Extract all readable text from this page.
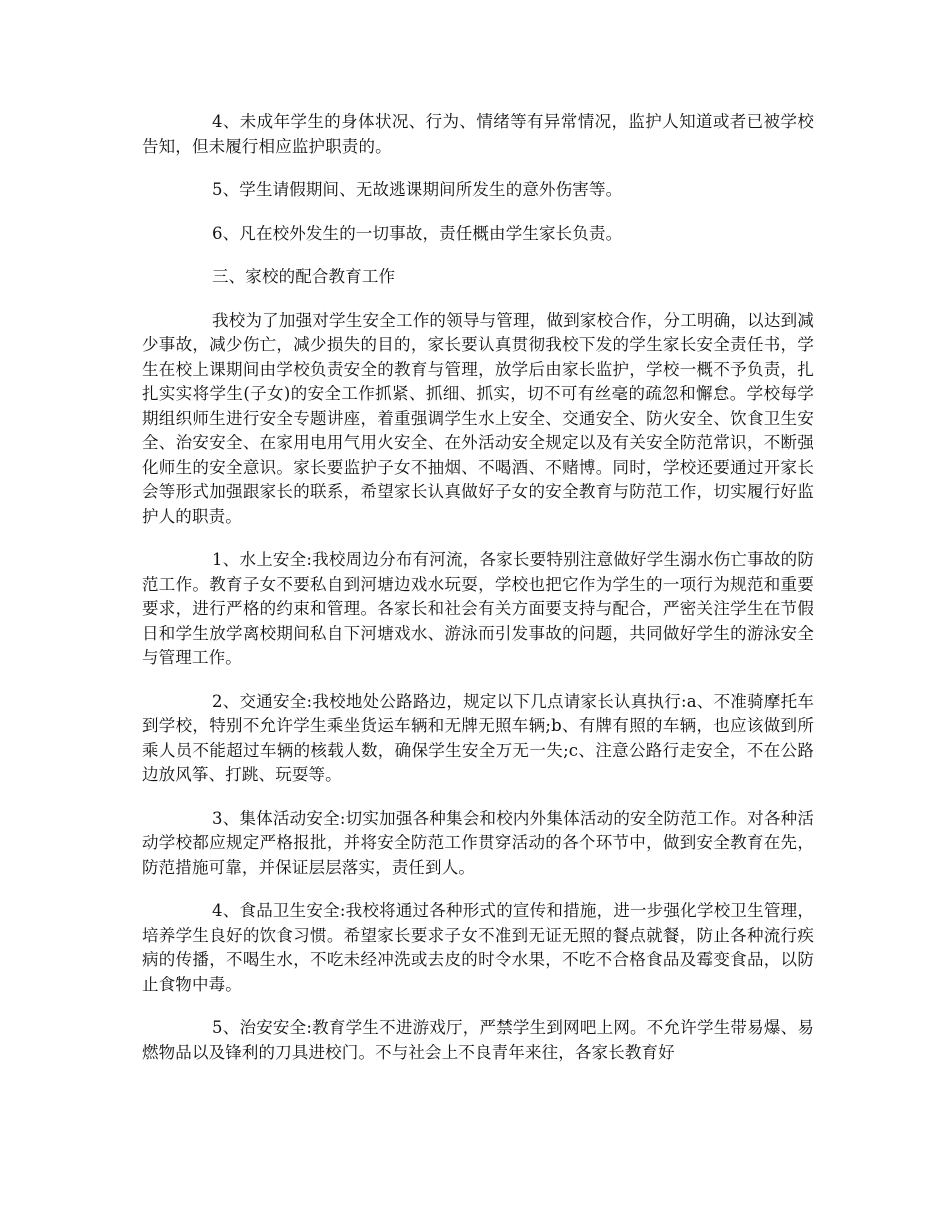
4、未成年学生的身体状况、行为、情绪等有异常情况，监护人知道或者已被学校告知，但未履行相应监护职责的。

5、学生请假期间、无故逃课期间所发生的意外伤害等。

6、凡在校外发生的一切事故，责任概由学生家长负责。

三、家校的配合教育工作

我校为了加强对学生安全工作的领导与管理，做到家校合作，分工明确，以达到减少事故，减少伤亡，减少损失的目的，家长要认真贯彻我校下发的学生家长安全责任书，学生在校上课期间由学校负责安全的教育与管理，放学后由家长监护，学校一概不予负责，扎扎实实将学生(子女)的安全工作抓紧、抓细、抓实，切不可有丝毫的疏忽和懈怠。学校每学期组织师生进行安全专题讲座，着重强调学生水上安全、交通安全、防火安全、饮食卫生安全、治安安全、在家用电用气用火安全、在外活动安全规定以及有关安全防范常识，不断强化师生的安全意识。家长要监护子女不抽烟、不喝酒、不赌博。同时，学校还要通过开家长会等形式加强跟家长的联系，希望家长认真做好子女的安全教育与防范工作，切实履行好监护人的职责。

1、水上安全:我校周边分布有河流，各家长要特别注意做好学生溺水伤亡事故的防范工作。教育子女不要私自到河塘边戏水玩耍，学校也把它作为学生的一项行为规范和重要要求，进行严格的约束和管理。各家长和社会有关方面要支持与配合，严密关注学生在节假日和学生放学离校期间私自下河塘戏水、游泳而引发事故的问题，共同做好学生的游泳安全与管理工作。

2、交通安全:我校地处公路路边，规定以下几点请家长认真执行:a、不准骑摩托车到学校，特别不允许学生乘坐货运车辆和无牌无照车辆;b、有牌有照的车辆，也应该做到所乘人员不能超过车辆的核载人数，确保学生安全万无一失;c、注意公路行走安全，不在公路边放风筝、打跳、玩耍等。

3、集体活动安全:切实加强各种集会和校内外集体活动的安全防范工作。对各种活动学校都应规定严格报批，并将安全防范工作贯穿活动的各个环节中，做到安全教育在先，防范措施可靠，并保证层层落实，责任到人。

4、食品卫生安全:我校将通过各种形式的宣传和措施，进一步强化学校卫生管理，培养学生良好的饮食习惯。希望家长要求子女不准到无证无照的餐点就餐，防止各种流行疾病的传播，不喝生水，不吃未经冲洗或去皮的时令水果，不吃不合格食品及霉变食品，以防止食物中毒。

5、治安安全:教育学生不进游戏厅，严禁学生到网吧上网。不允许学生带易爆、易燃物品以及锋利的刀具进校门。不与社会上不良青年来往，各家长教育好
